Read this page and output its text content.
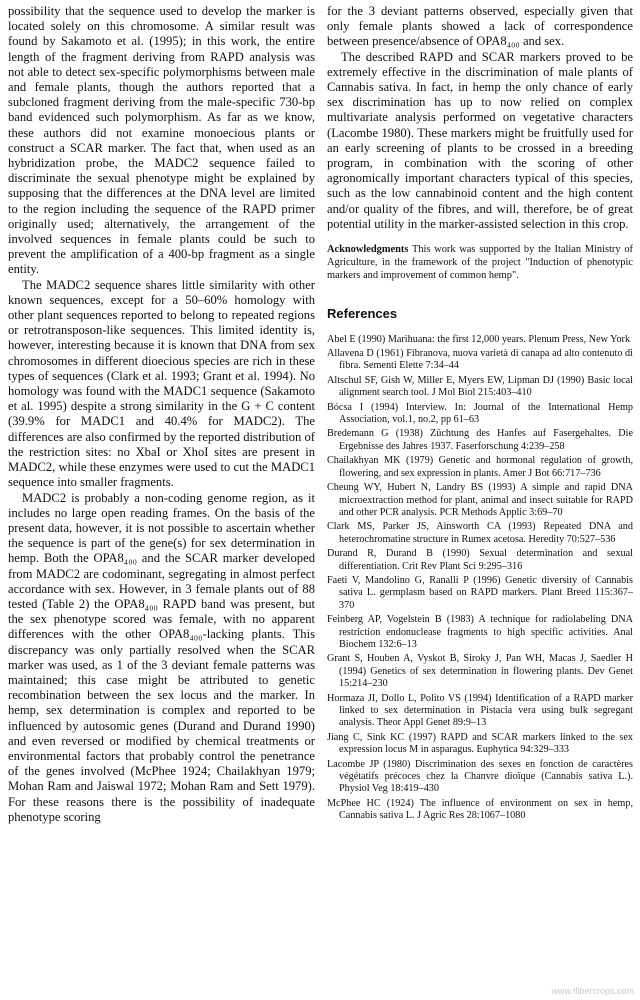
possibility that the sequence used to develop the marker is located solely on this chromosome. A similar result was found by Sakamoto et al. (1995); in this work, the entire length of the fragment deriving from RAPD analysis was not able to detect sex-specific polymorphisms between male and female plants, though the authors reported that a subcloned fragment deriving from the male-specific 730-bp band evidenced such polymorphism. As far as we know, these authors did not examine monoecious plants or construct a SCAR marker. The fact that, when used as an hybridization probe, the MADC2 sequence failed to discriminate the sexual phenotype might be explained by supposing that the differences at the DNA level are limited to the region including the sequence of the RAPD primer originally used; alternatively, the arrangement of the involved sequences in female plants could be such to prevent the amplification of a 400-bp fragment as a single entity.

The MADC2 sequence shares little similarity with other known sequences, except for a 50–60% homology with other plant sequences reported to belong to repeated regions or retrotransposon-like sequences. This limited identity is, however, interesting because it is known that DNA from sex chromosomes in different dioecious species are rich in these types of sequences (Clark et al. 1993; Grant et al. 1994). No homology was found with the MADC1 sequence (Sakamoto et al. 1995) despite a strong similarity in the G + C content (39.9% for MADC1 and 40.4% for MADC2). The differences are also confirmed by the reported distribution of the restriction sites: no XbaI or XhoI sites are present in MADC2, while these enzymes were used to cut the MADC1 sequence into smaller fragments.

MADC2 is probably a non-coding genome region, as it includes no large open reading frames. On the basis of the present data, however, it is not possible to ascertain whether the sequence is part of the gene(s) for sex determination in hemp. Both the OPA8₄₀₀ and the SCAR marker developed from MADC2 are codominant, segregating in almost perfect accordance with sex. However, in 3 female plants out of 88 tested (Table 2) the OPA8₄₀₀ RAPD band was present, but the sex phenotype scored was female, with no apparent differences with the other OPA8₄₀₀-lacking plants. This discrepancy was only partially resolved when the SCAR marker was used, as 1 of the 3 deviant female patterns was maintained; this case might be attributed to genetic recombination between the sex locus and the marker. In hemp, sex determination is complex and reported to be influenced by autosomic genes (Durand and Durand 1990) and even reversed or modified by chemical treatments or environmental factors that probably control the penetrance of the genes involved (McPhee 1924; Chailakhyan 1979; Mohan Ram and Jaiswal 1972; Mohan Ram and Sett 1979). For these reasons there is the possibility of inadequate phenotype scoring

for the 3 deviant patterns observed, especially given that only female plants showed a lack of correspondence between presence/absence of OPA8₄₀₀ and sex.

The described RAPD and SCAR markers proved to be extremely effective in the discrimination of male plants of Cannabis sativa. In fact, in hemp the only chance of early sex discrimination has up to now relied on complex multivariate analysis performed on vegetative characters (Lacombe 1980). These markers might be fruitfully used for an early screening of plants to be crossed in a breeding program, in combination with the scoring of other agronomically important characters typical of this species, such as the low cannabinoid content and the high content and/or quality of the fibres, and will, therefore, be of great potential utility in the marker-assisted selection in this crop.

Acknowledgments This work was supported by the Italian Ministry of Agriculture, in the framework of the project "Induction of phenotypic markers and improvement of common hemp".

References

Abel E (1990) Marihuana: the first 12,000 years. Plenum Press, New York

Allavena D (1961) Fibranova, nuova varietà di canapa ad alto contenuto di fibra. Sementi Elette 7:34–44

Altschul SF, Gish W, Miller E, Myers EW, Lipman DJ (1990) Basic local alignment search tool. J Mol Biol 215:403–410

Bócsa I (1994) Interview. In: Journal of the International Hemp Association, vol.1, no.2, pp 61–63

Bredemann G (1938) Züchtung des Hanfes auf Fasergehaltes. Die Ergebnisse des Jahres 1937. Faserforschung 4:239–258

Chailakhyan MK (1979) Genetic and hormonal regulation of growth, flowering, and sex expression in plants. Amer J Bot 66:717–736

Cheung WY, Hubert N, Landry BS (1993) A simple and rapid DNA microextraction method for plant, animal and insect suitable for RAPD and other PCR analysis. PCR Methods Applic 3:69–70

Clark MS, Parker JS, Ainsworth CA (1993) Repeated DNA and heterochromatine structure in Rumex acetosa. Heredity 70:527–536

Durand R, Durand B (1990) Sexual determination and sexual differentiation. Crit Rev Plant Sci 9:295–316

Faeti V, Mandolino G, Ranalli P (1996) Genetic diversity of Cannabis sativa L. germplasm based on RAPD markers. Plant Breed 115:367–370

Feinberg AP, Vogelstein B (1983) A technique for radiolabeling DNA restriction endonuclease fragments to high specific activities. Anal Biochem 132:6–13

Grant S, Houben A, Vyskot B, Siroky J, Pan WH, Macas J, Saedler H (1994) Genetics of sex determination in flowering plants. Dev Genet 15:214–230

Hormaza JI, Dollo L, Polito VS (1994) Identification of a RAPD marker linked to sex determination in Pistacia vera using bulk segregant analysis. Theor Appl Genet 89:9–13

Jiang C, Sink KC (1997) RAPD and SCAR markers linked to the sex expression locus M in asparagus. Euphytica 94:329–333

Lacombe JP (1980) Discrimination des sexes en fonction de caractères végétatifs précoces chez la Chanvre dioïque (Cannabis sativa L.). Physiol Veg 18:419–430

McPhee HC (1924) The influence of environment on sex in hemp, Cannabis sativa L. J Agric Res 28:1067–1080

www.tlibercrops.com
